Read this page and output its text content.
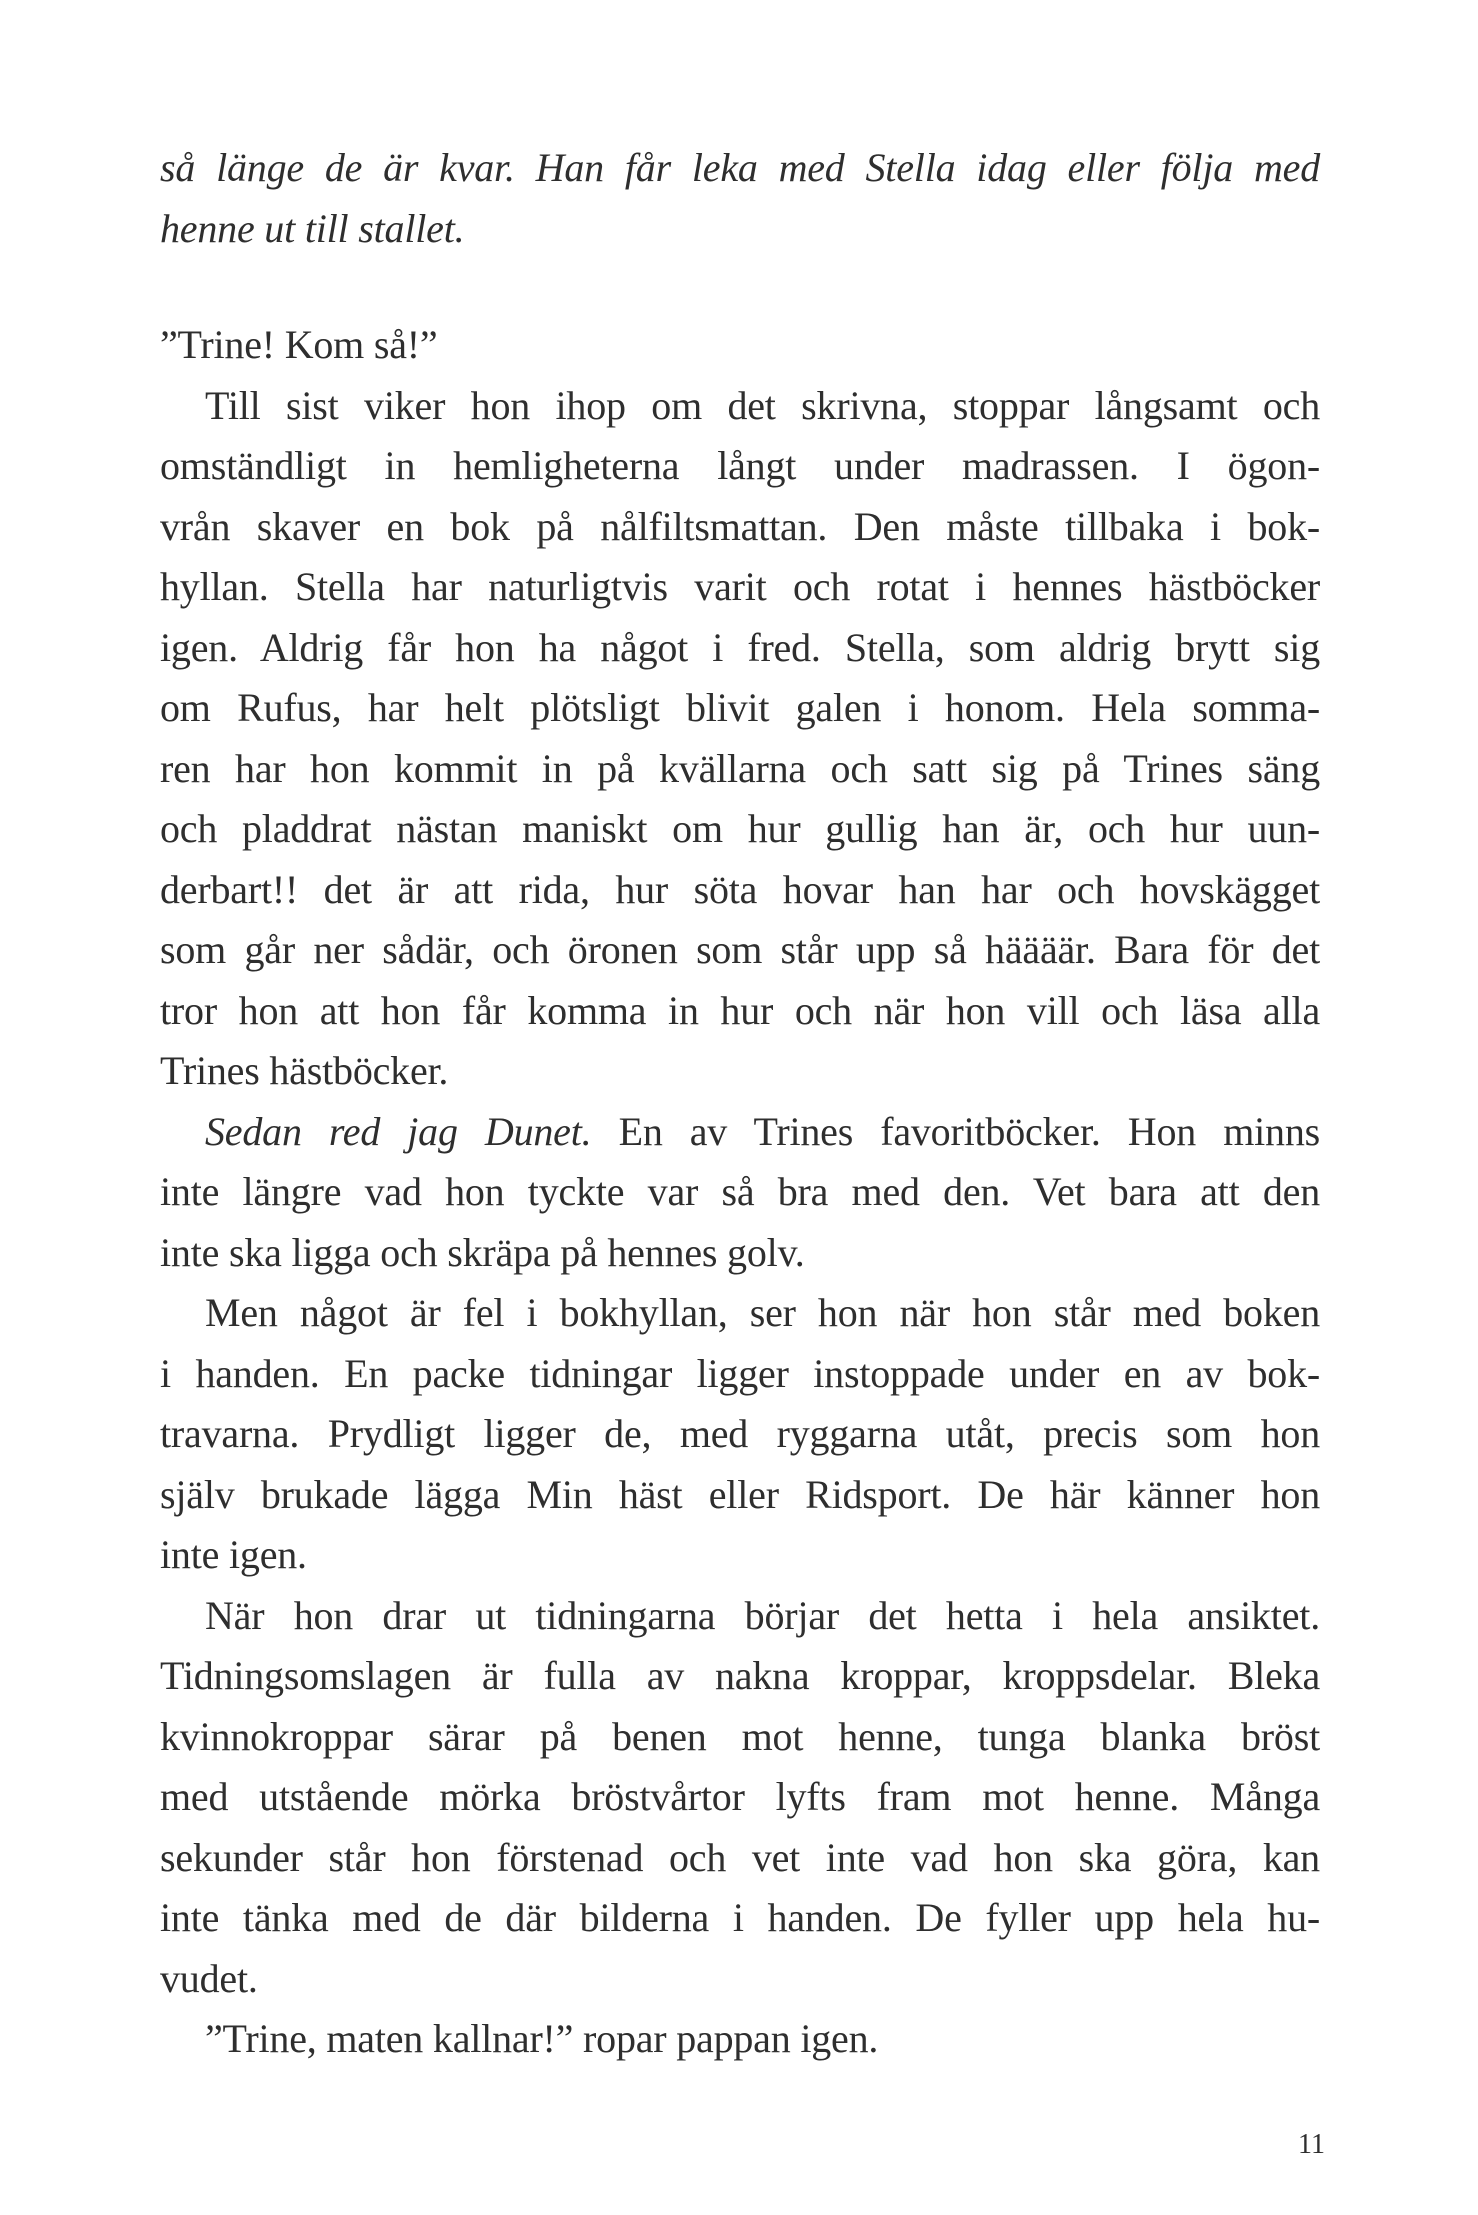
så länge de är kvar. Han får leka med Stella idag eller följa med
henne ut till stallet.

”Trine! Kom så!”

Till sist viker hon ihop om det skrivna, stoppar långsamt och
omständligt in hemligheterna långt under madrassen. I ögon-
vrån skaver en bok på nålfiltsmattan. Den måste tillbaka i bok-
hyllan. Stella har naturligtvis varit och rotat i hennes hästböcker
igen. Aldrig får hon ha något i fred. Stella, som aldrig brytt sig
om Rufus, har helt plötsligt blivit galen i honom. Hela somma-
ren har hon kommit in på kvällarna och satt sig på Trines säng
och pladdrat nästan maniskt om hur gullig han är, och hur uun-
derbart!! det är att rida, hur söta hovar han har och hovskägget
som går ner sådär, och öronen som står upp så häääär. Bara för det
tror hon att hon får komma in hur och när hon vill och läsa alla
Trines hästböcker.

Sedan red jag Dunet. En av Trines favoritböcker. Hon minns
inte längre vad hon tyckte var så bra med den. Vet bara att den
inte ska ligga och skräpa på hennes golv.

Men något är fel i bokhyllan, ser hon när hon står med boken
i handen. En packe tidningar ligger instoppade under en av bok-
travarna. Prydligt ligger de, med ryggarna utåt, precis som hon
själv brukade lägga Min häst eller Ridsport. De här känner hon
inte igen.

När hon drar ut tidningarna börjar det hetta i hela ansiktet.
Tidningsomslagen är fulla av nakna kroppar, kroppsdelar. Bleka
kvinnokroppar särar på benen mot henne, tunga blanka bröst
med utstående mörka bröstvårtor lyfts fram mot henne. Många
sekunder står hon förstenad och vet inte vad hon ska göra, kan
inte tänka med de där bilderna i handen. De fyller upp hela hu-
vudet.

”Trine, maten kallnar!” ropar pappan igen.

11
